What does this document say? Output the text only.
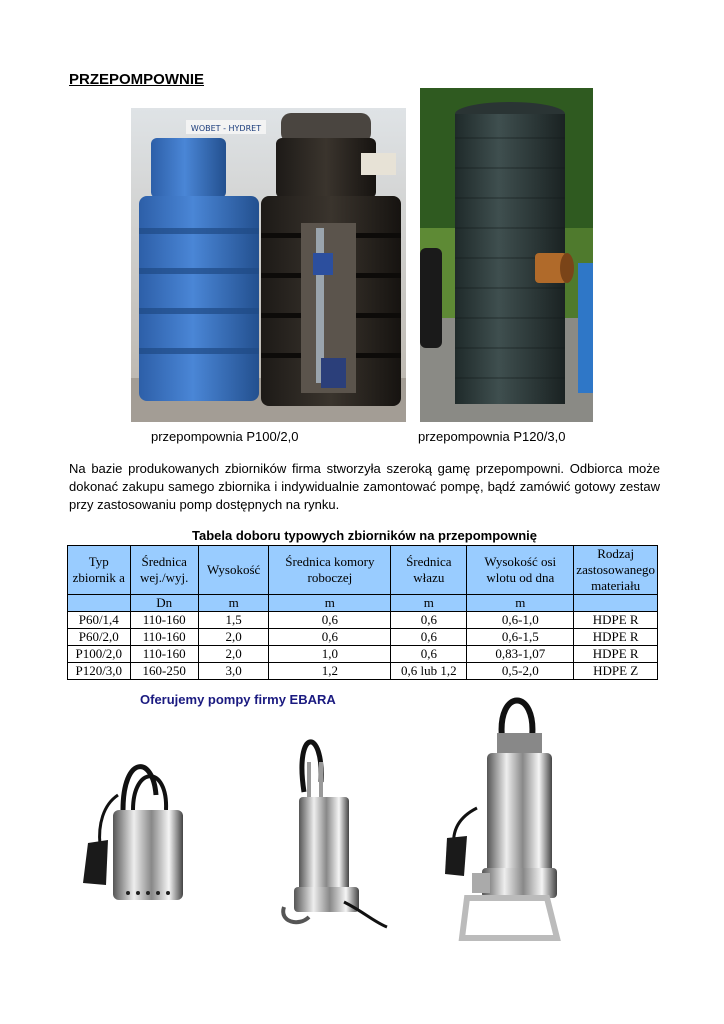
PRZEPOMPOWNIE
WOBET - HYDRET
przepompownia P100/2,0	przepompownia P120/3,0
Na bazie produkowanych zbiorników firma stworzyła szeroką gamę przepompowni. Odbiorca może dokonać zakupu samego zbiornika i indywidualnie zamontować pompę, bądź zamówić gotowy zestaw przy zastosowaniu pomp dostępnych na rynku.
Tabela doboru typowych zbiorników na przepompownię
Typ zbiornik a	Średnica wej./wyj.	Wysokość	Średnica komory roboczej	Średnica włazu	Wysokość osi wlotu od dna	Rodzaj zastosowanego materiału
	Dn	m	m	m	m	
P60/1,4	110-160	1,5	0,6	0,6	0,6-1,0	HDPE R
P60/2,0	110-160	2,0	0,6	0,6	0,6-1,5	HDPE R
P100/2,0	110-160	2,0	1,0	0,6	0,83-1,07	HDPE R
P120/3,0	160-250	3,0	1,2	0,6 lub 1,2	0,5-2,0	HDPE Z
Oferujemy pompy firmy EBARA
